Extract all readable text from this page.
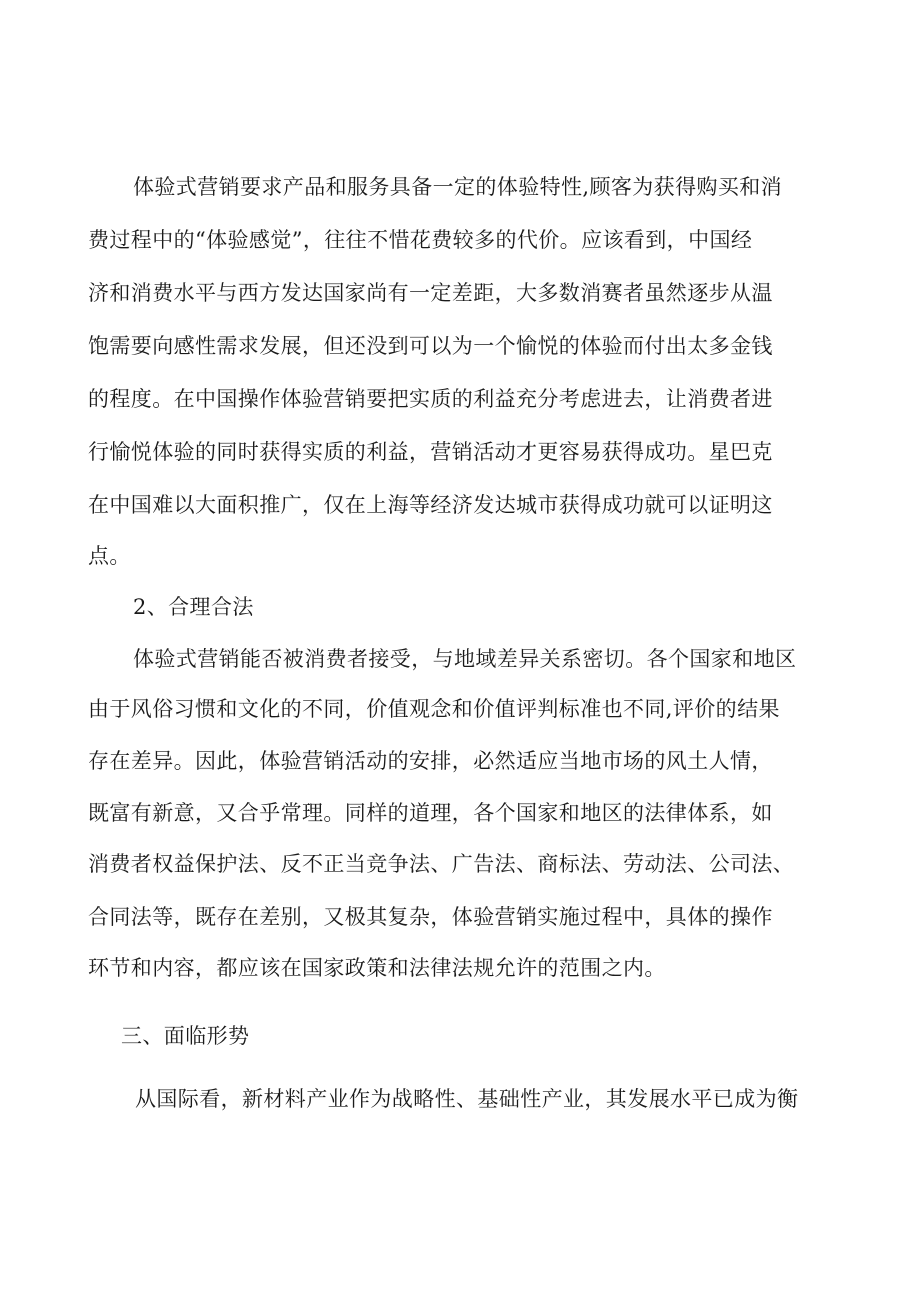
体验式营销要求产品和服务具备一定的体验特性,顾客为获得购买和消
费过程中的“体验感觉”，往往不惜花费较多的代价。应该看到，中国经
济和消费水平与西方发达国家尚有一定差距，大多数消赛者虽然逐步从温
饱需要向感性需求发展，但还没到可以为一个愉悦的体验而付出太多金钱
的程度。在中国操作体验营销要把实质的利益充分考虑进去，让消费者进
行愉悦体验的同时获得实质的利益，营销活动才更容易获得成功。星巴克
在中国难以大面积推广，仅在上海等经济发达城市获得成功就可以证明这
点。
2、合理合法
体验式营销能否被消费者接受，与地域差异关系密切。各个国家和地区
由于风俗习惯和文化的不同，价值观念和价值评判标准也不同,评价的结果
存在差异。因此，体验营销活动的安排，必然适应当地市场的风土人情，
既富有新意，又合乎常理。同样的道理，各个国家和地区的法律体系，如
消费者权益保护法、反不正当竞争法、广告法、商标法、劳动法、公司法、
合同法等，既存在差别，又极其复杂，体验营销实施过程中，具体的操作
环节和内容，都应该在国家政策和法律法规允许的范围之内。
三、面临形势
从国际看，新材料产业作为战略性、基础性产业，其发展水平已成为衡
